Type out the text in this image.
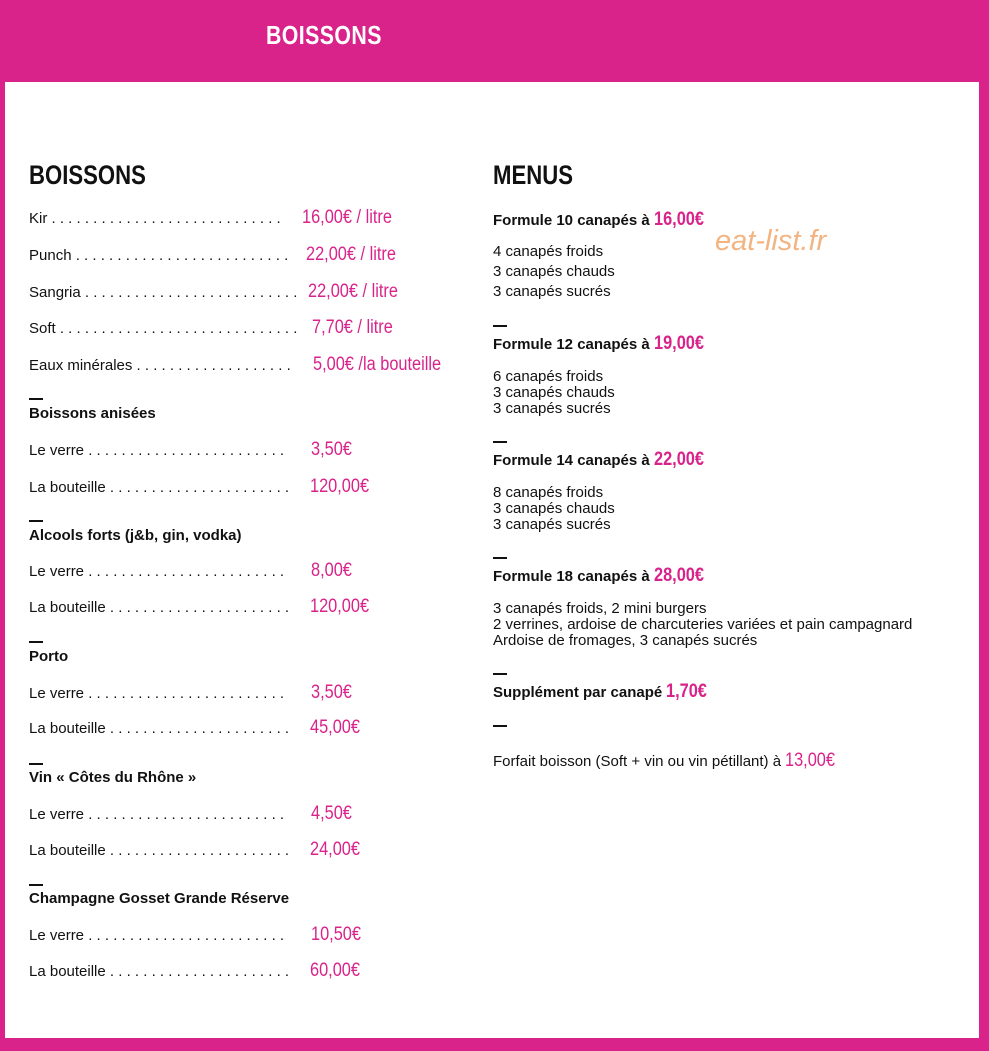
BOISSONS
BOISSONS
Kir . . . . . . . . . . . . . . . . . . . . . . . . . . . . 16,00€ / litre
Punch . . . . . . . . . . . . . . . . . . . . . . . . . . 22,00€ / litre
Sangria . . . . . . . . . . . . . . . . . . . . . . . . . . 22,00€ / litre
Soft . . . . . . . . . . . . . . . . . . . . . . . . . . . . . 7,70€ / litre
Eaux minérales . . . . . . . . . . . . . . . . . . . 5,00€ /la bouteille
Boissons anisées
Le verre . . . . . . . . . . . . . . . . . . . . . . . . 3,50€
La bouteille . . . . . . . . . . . . . . . . . . . . . . 120,00€
Alcools forts (j&b, gin, vodka)
Le verre . . . . . . . . . . . . . . . . . . . . . . . . 8,00€
La bouteille . . . . . . . . . . . . . . . . . . . . . . 120,00€
Porto
Le verre . . . . . . . . . . . . . . . . . . . . . . . . 3,50€
La bouteille . . . . . . . . . . . . . . . . . . . . . . 45,00€
Vin « Côtes du Rhône »
Le verre . . . . . . . . . . . . . . . . . . . . . . . . 4,50€
La bouteille . . . . . . . . . . . . . . . . . . . . . . 24,00€
Champagne Gosset Grande Réserve
Le verre . . . . . . . . . . . . . . . . . . . . . . . . 10,50€
La bouteille . . . . . . . . . . . . . . . . . . . . . . 60,00€
MENUS
Formule 10 canapés à 16,00€
4 canapés froids
3 canapés chauds
3 canapés sucrés
Formule 12 canapés à 19,00€
6 canapés froids
3 canapés chauds
3 canapés sucrés
Formule 14 canapés à 22,00€
8 canapés froids
3 canapés chauds
3 canapés sucrés
Formule 18 canapés à 28,00€
3 canapés froids, 2 mini burgers
2 verrines, ardoise de charcuteries variées et pain campagnard
Ardoise de fromages, 3 canapés sucrés
Supplément par canapé 1,70€
Forfait boisson (Soft + vin ou vin pétillant) à 13,00€
eat-list.fr
